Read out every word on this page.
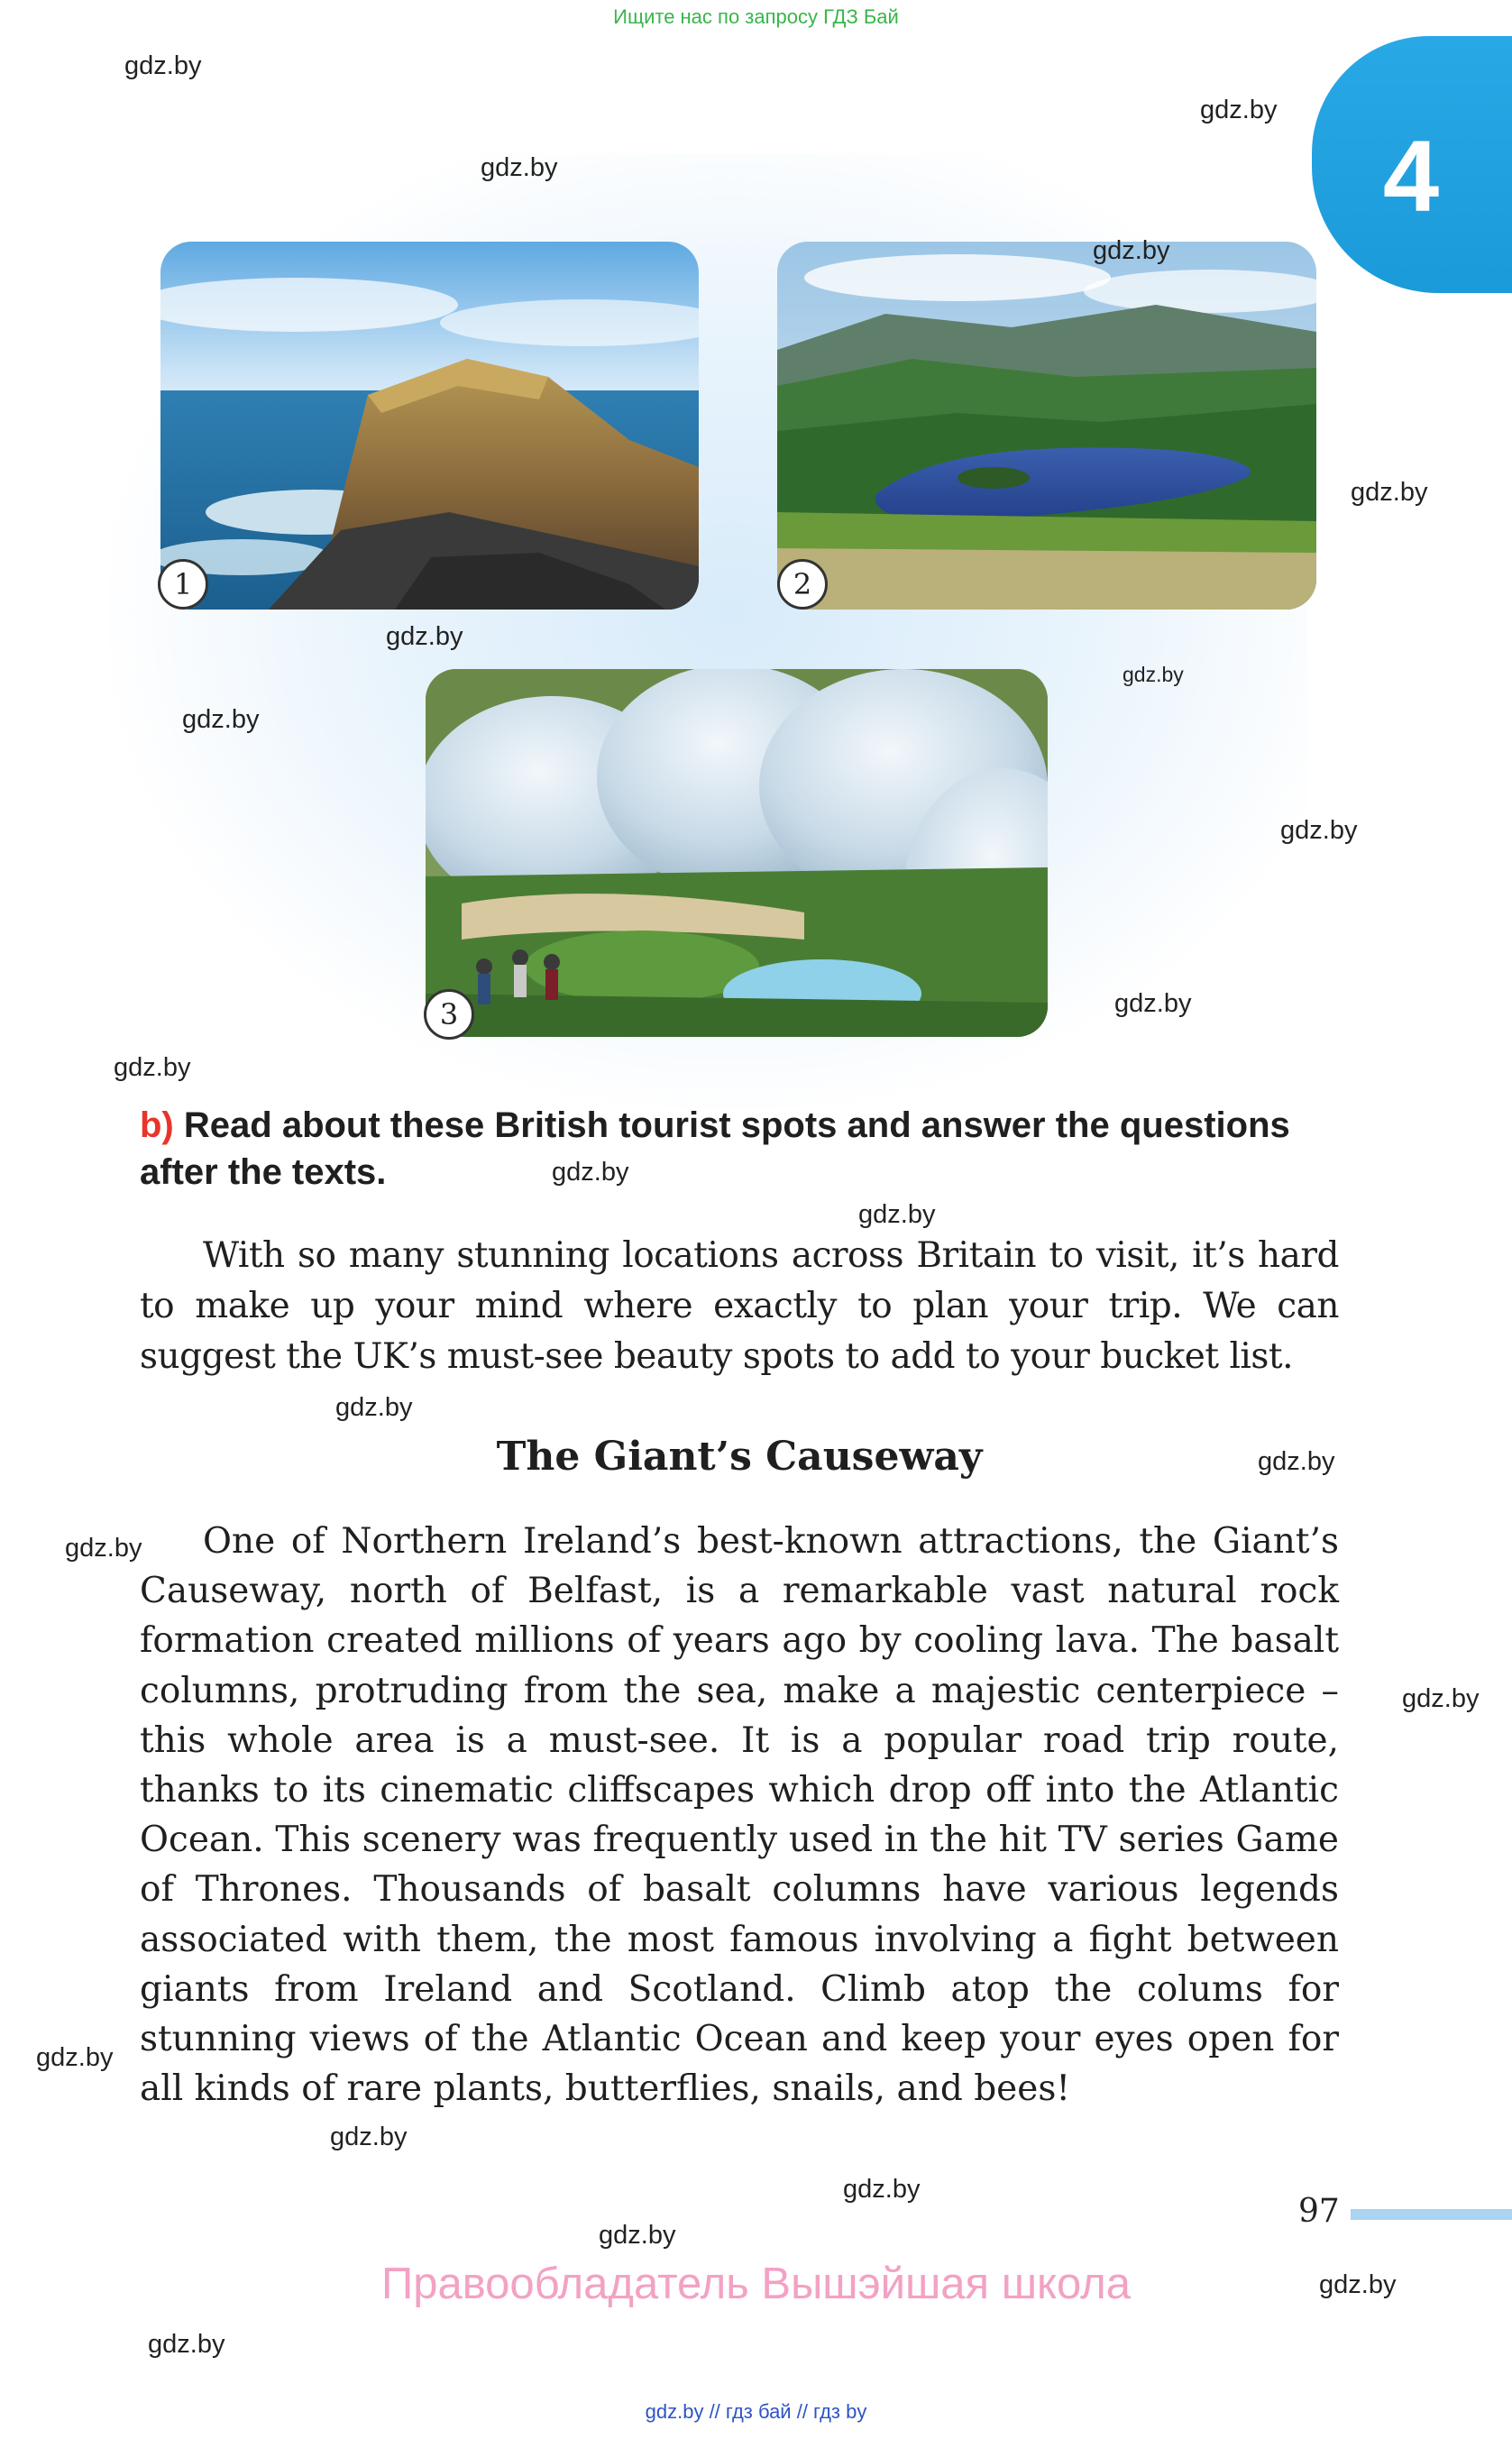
Ищите нас по запросу ГДЗ Бай
4
1	2
3
gdz.by
gdz.by
gdz.by
gdz.by
gdz.by
gdz.by
gdz.by
gdz.by
gdz.by
gdz.by
gdz.by
gdz.by
gdz.by
gdz.by
gdz.by
gdz.by
gdz.by
gdz.by
gdz.by
gdz.by
gdz.by
gdz.by
gdz.by
b) Read about these British tourist spots and answer the questions after the texts.

With so many stunning locations across Britain to visit, it’s hard to make up your mind where exactly to plan your trip. We can suggest the UK’s must-see beauty spots to add to your bucket list.

The Giant’s Causeway

One of Northern Ireland’s best-known attractions, the Giant’s Causeway, north of Belfast, is a remarkable vast natural rock formation created millions of years ago by cooling lava. The basalt columns, protruding from the sea, make a majestic centerpiece – this whole area is a must-see. It is a popular road trip route, thanks to its cinematic cliffscapes which drop off into the Atlantic Ocean. This scenery was frequently used in the hit TV series Game of Thrones. Thousands of basalt columns have various legends associated with them, the most famous involving a fight between giants from Ireland and Scotland. Climb atop the colums for stunning views of the Atlantic Ocean and keep your eyes open for all kinds of rare plants, butterflies, snails, and bees!

97
Правообладатель Вышэйшая школа
gdz.by // гдз бай // гдз by
